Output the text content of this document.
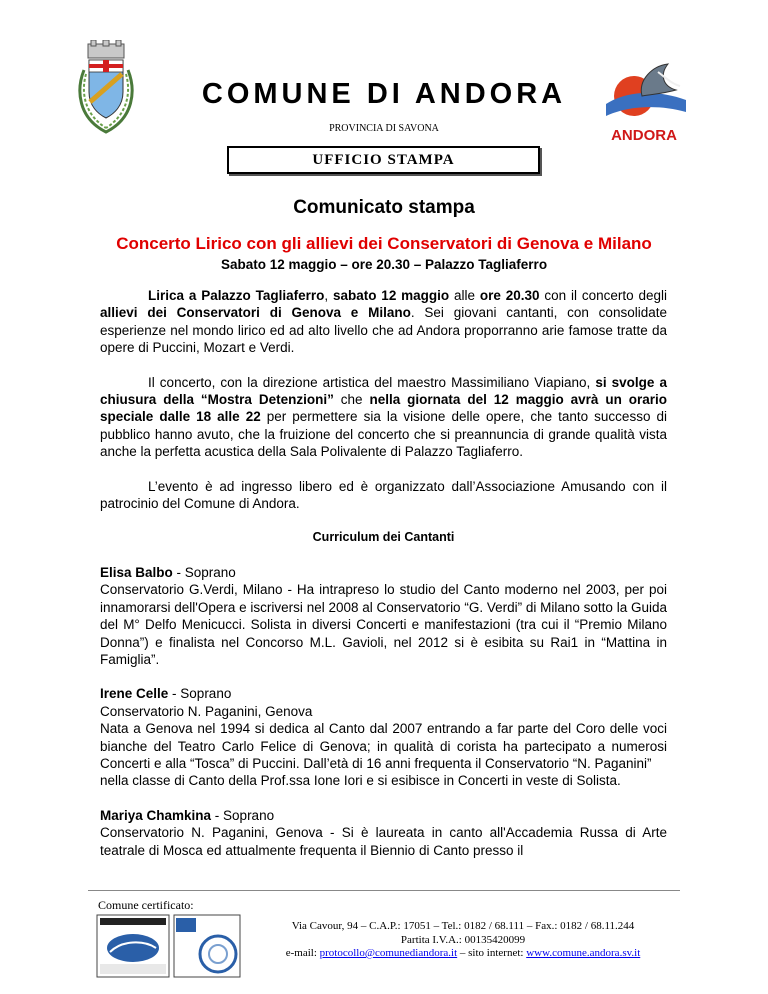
ANDORA
COMUNE DI ANDORA
PROVINCIA DI SAVONA
UFFICIO STAMPA
Comunicato stampa
Concerto Lirico con gli allievi dei Conservatori di Genova e Milano
Sabato 12 maggio – ore 20.30 – Palazzo Tagliaferro

Lirica a Palazzo Tagliaferro, sabato 12 maggio alle ore 20.30 con il concerto degli allievi dei Conservatori di Genova e Milano. Sei giovani cantanti, con consolidate esperienze nel mondo lirico ed ad alto livello che ad Andora proporranno arie famose tratte da opere di Puccini, Mozart e Verdi.

Il concerto, con la direzione artistica del maestro Massimiliano Viapiano, si svolge a chiusura della “Mostra Detenzioni” che nella giornata del 12 maggio avrà un orario speciale dalle 18 alle 22 per permettere sia la visione delle opere, che tanto successo di pubblico hanno avuto, che la fruizione del concerto che si preannuncia di grande qualità vista anche la perfetta acustica della Sala Polivalente di Palazzo Tagliaferro.

L’evento è ad ingresso libero ed è organizzato dall’Associazione Amusando con il patrocinio del Comune di Andora.

Curriculum dei Cantanti

Elisa Balbo - Soprano
Conservatorio G.Verdi, Milano - Ha intrapreso lo studio del Canto moderno nel 2003, per poi innamorarsi dell'Opera e iscriversi nel 2008 al Conservatorio “G. Verdi” di Milano sotto la Guida del M° Delfo Menicucci. Solista in diversi Concerti e manifestazioni (tra cui il “Premio Milano Donna”) e finalista nel Concorso M.L. Gavioli, nel 2012 si è esibita su Rai1 in “Mattina in Famiglia”.

Irene Celle - Soprano
Conservatorio N. Paganini, Genova
Nata a Genova nel 1994 si dedica al Canto dal 2007 entrando a far parte del Coro delle voci bianche del Teatro Carlo Felice di Genova; in qualità di corista ha partecipato a numerosi Concerti e alla “Tosca” di Puccini. Dall’età di 16 anni frequenta il Conservatorio “N. Paganini”
nella classe di Canto della Prof.ssa Ione Iori e si esibisce in Concerti in veste di Solista.

Mariya Chamkina - Soprano
Conservatorio N. Paganini, Genova - Si è laureata in canto all'Accademia Russa di Arte teatrale di Mosca ed attualmente frequenta il Biennio di Canto presso il

Comune certificato:
Via Cavour, 94 – C.A.P.: 17051 – Tel.: 0182 / 68.111 – Fax.: 0182 / 68.11.244
Partita I.V.A.: 00135420099
e-mail: protocollo@comunediandora.it – sito internet: www.comune.andora.sv.it
